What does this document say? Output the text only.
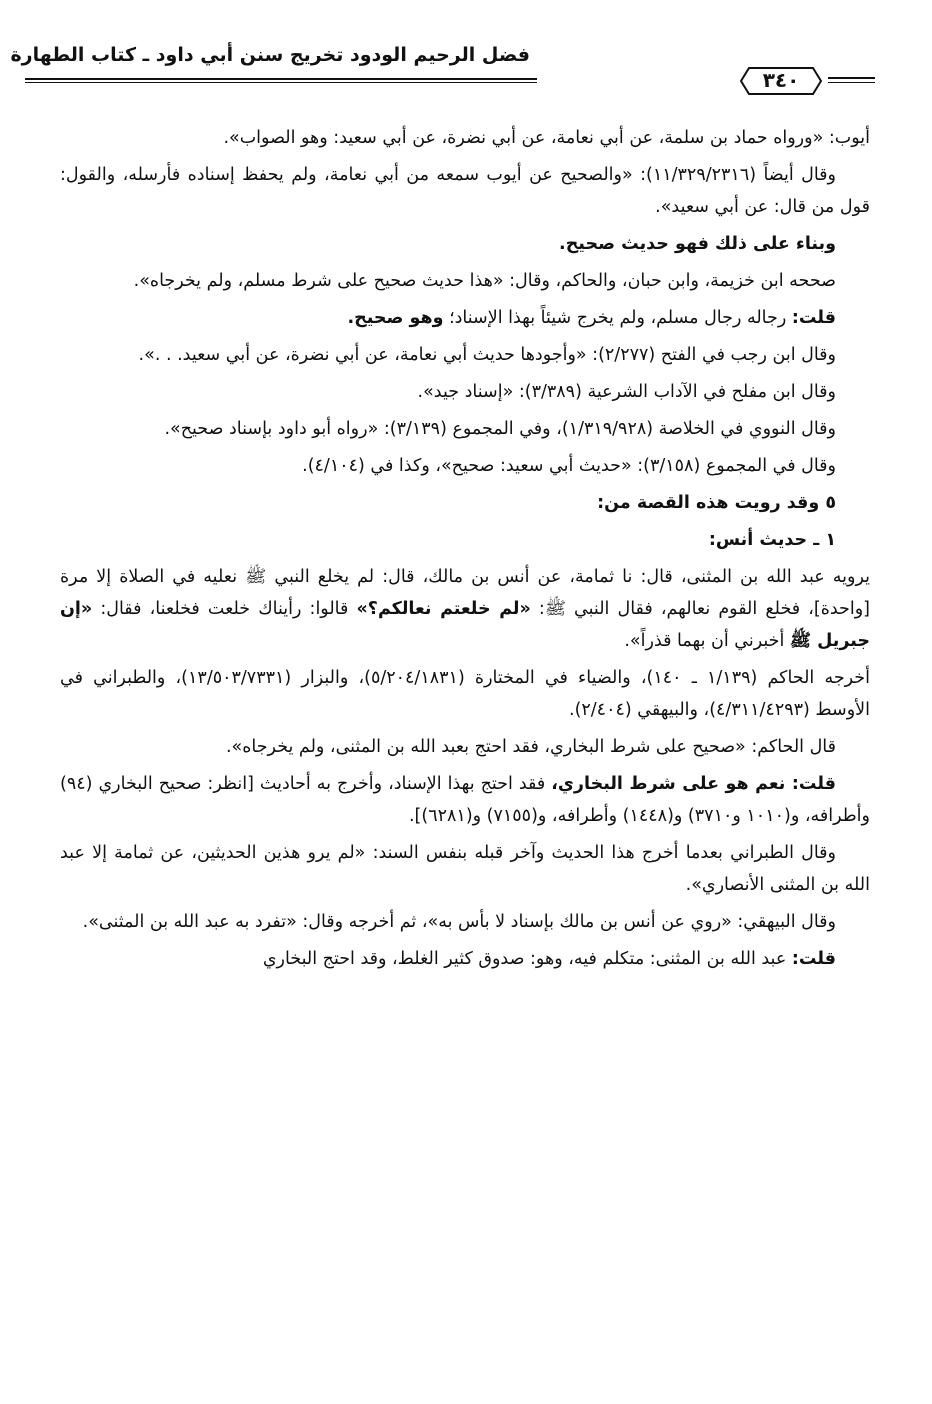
فضل الرحيم الودود تخريج سنن أبي داود ـ كتاب الطهارة
٣٤٠

أيوب: «ورواه حماد بن سلمة، عن أبي نعامة، عن أبي نضرة، عن أبي سعيد: وهو الصواب».

وقال أيضاً (١١/٣٢٩/٢٣١٦): «والصحيح عن أيوب سمعه من أبي نعامة، ولم يحفظ إسناده فأرسله، والقول: قول من قال: عن أبي سعيد».

وبناء على ذلك فهو حديث صحيح.

صححه ابن خزيمة، وابن حبان، والحاكم، وقال: «هذا حديث صحيح على شرط مسلم، ولم يخرجاه».

قلت: رجاله رجال مسلم، ولم يخرج شيئاً بهذا الإسناد؛ وهو صحيح.

وقال ابن رجب في الفتح (٢/٢٧٧): «وأجودها حديث أبي نعامة، عن أبي نضرة، عن أبي سعيد. . .».

وقال ابن مفلح في الآداب الشرعية (٣/٣٨٩): «إسناد جيد».

وقال النووي في الخلاصة (١/٣١٩/٩٢٨)، وفي المجموع (٣/١٣٩): «رواه أبو داود بإسناد صحيح».

وقال في المجموع (٣/١٥٨): «حديث أبي سعيد: صحيح»، وكذا في (٤/١٠٤).

٥ وقد رويت هذه القصة من:

١ ـ حديث أنس:

يرويه عبد الله بن المثنى، قال: نا ثمامة، عن أنس بن مالك، قال: لم يخلع النبي ﷺ نعليه في الصلاة إلا مرة [واحدة]، فخلع القوم نعالهم، فقال النبي ﷺ: «لم خلعتم نعالكم؟» قالوا: رأيناك خلعت فخلعنا، فقال: «إن جبريل ﷺ أخبرني أن بهما قذراً».

أخرجه الحاكم (١/١٣٩ ـ ١٤٠)، والضياء في المختارة (٥/٢٠٤/١٨٣١)، والبزار (١٣/٥٠٣/٧٣٣١)، والطبراني في الأوسط (٤/٣١١/٤٢٩٣)، والبيهقي (٢/٤٠٤).

قال الحاكم: «صحيح على شرط البخاري، فقد احتج بعبد الله بن المثنى، ولم يخرجاه».

قلت: نعم هو على شرط البخاري، فقد احتج بهذا الإسناد، وأخرج به أحاديث [انظر: صحيح البخاري (٩٤) وأطرافه، و(١٠١٠ و٣٧١٠) و(١٤٤٨) وأطرافه، و(٧١٥٥) و(٦٢٨١)].

وقال الطبراني بعدما أخرج هذا الحديث وآخر قبله بنفس السند: «لم يرو هذين الحديثين، عن ثمامة إلا عبد الله بن المثنى الأنصاري».

وقال البيهقي: «روي عن أنس بن مالك بإسناد لا بأس به»، ثم أخرجه وقال: «تفرد به عبد الله بن المثنى».

قلت: عبد الله بن المثنى: متكلم فيه، وهو: صدوق كثير الغلط، وقد احتج البخاري
